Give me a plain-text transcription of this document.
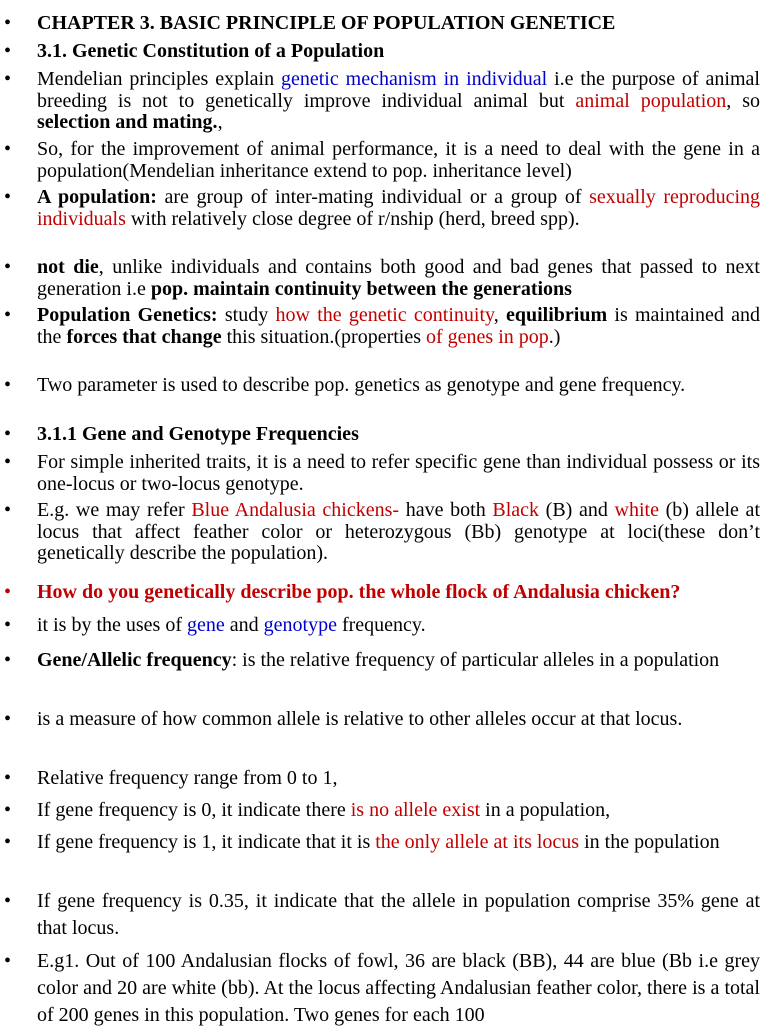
• CHAPTER 3. BASIC PRINCIPLE OF POPULATION GENETICE
• 3.1. Genetic Constitution of a Population
• Mendelian principles explain genetic mechanism in individual i.e the purpose of animal breeding is not to genetically improve individual animal but animal population, so selection and mating.,
• So, for the improvement of animal performance, it is a need to deal with the gene in a population(Mendelian inheritance extend to pop. inheritance level)
• A population: are group of inter-mating individual or a group of sexually reproducing individuals with relatively close degree of r/nship (herd, breed spp).
• not die, unlike individuals and contains both good and bad genes that passed to next generation i.e pop. maintain continuity between the generations
• Population Genetics: study how the genetic continuity, equilibrium is maintained and the forces that change this situation.(properties of genes in pop.)
• Two parameter is used to describe pop. genetics as genotype and gene frequency.
• 3.1.1 Gene and Genotype Frequencies
• For simple inherited traits, it is a need to refer specific gene than individual possess or its one-locus or two-locus genotype.
• E.g. we may refer Blue Andalusia chickens- have both Black (B) and white (b) allele at locus that affect feather color or heterozygous (Bb) genotype at loci(these don’t genetically describe the population).
• How do you genetically describe pop. the whole flock of Andalusia chicken?
• it is by the uses of gene and genotype frequency.
• Gene/Allelic frequency: is the relative frequency of particular alleles in a population
• is a measure of how common allele is relative to other alleles occur at that locus.
• Relative frequency range from 0 to 1,
• If gene frequency is 0, it indicate there is no allele exist in a population,
• If gene frequency is 1, it indicate that it is the only allele at its locus in the population
• If gene frequency is 0.35, it indicate that the allele in population comprise 35% gene at that locus.
• E.g1. Out of 100 Andalusian flocks of fowl, 36 are black (BB), 44 are blue (Bb i.e grey color and 20 are white (bb). At the locus affecting Andalusian feather color, there is a total of 200 genes in this population. Two genes for each 100
